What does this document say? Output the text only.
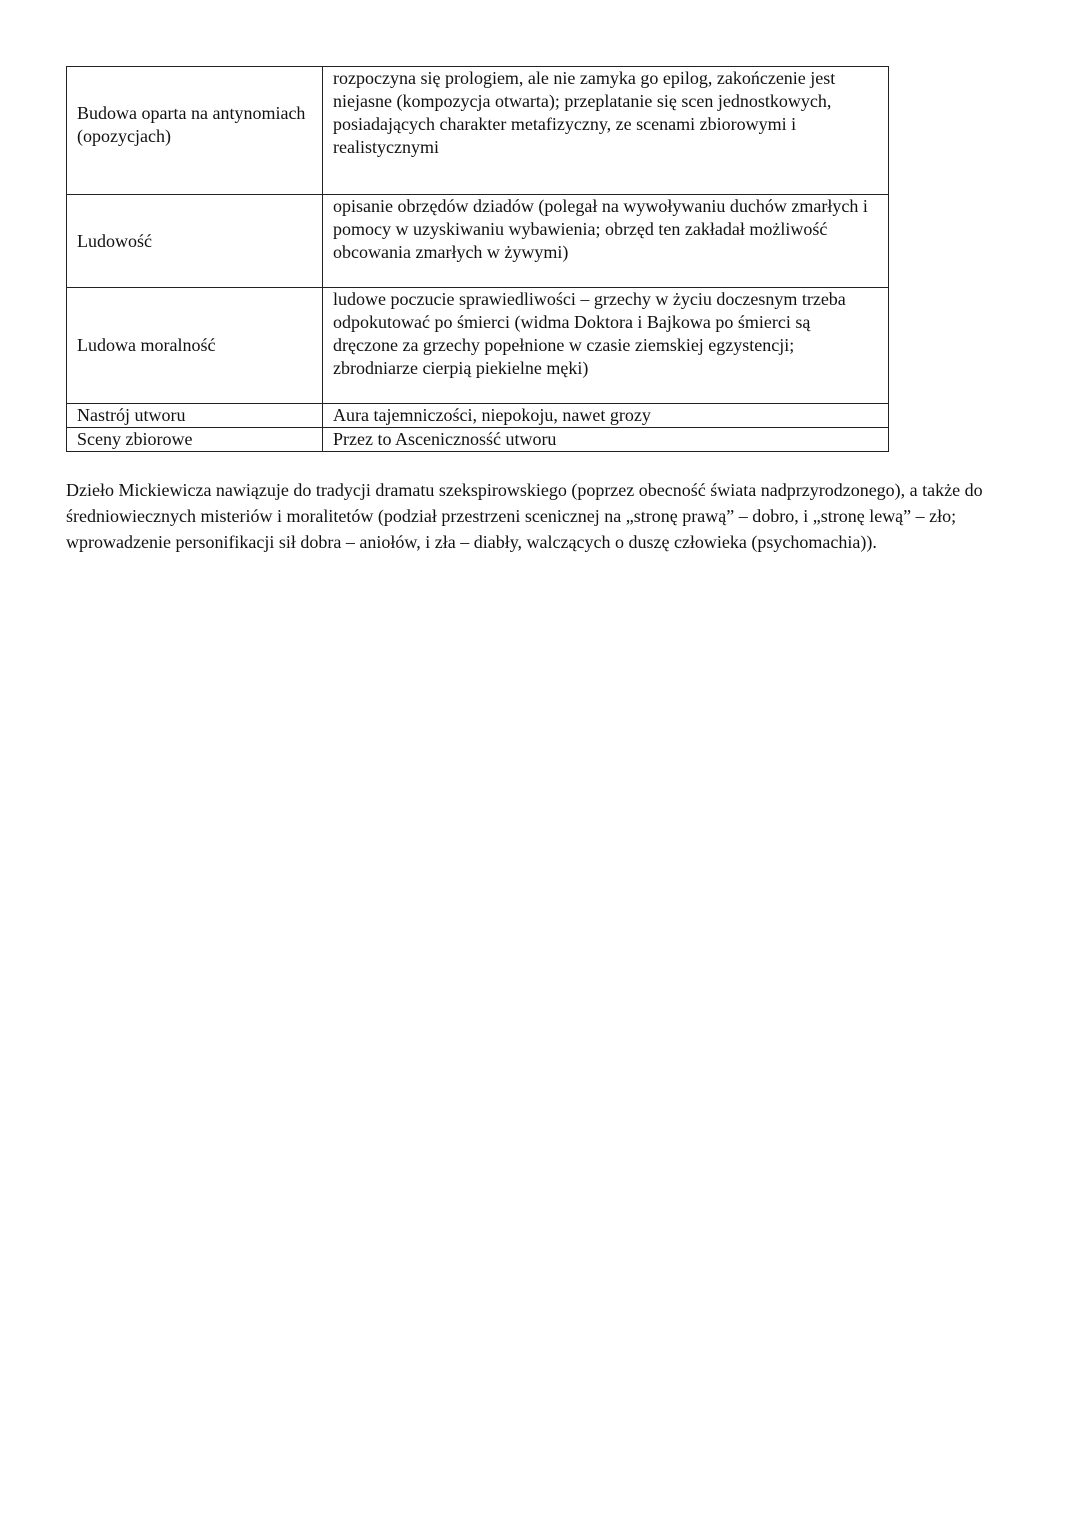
Budowa oparta na antynomiach (opozycjach)	rozpoczyna się prologiem, ale nie zamyka go epilog, zakończenie jest niejasne (kompozycja otwarta); przeplatanie się scen jednostkowych, posiadających charakter metafizyczny, ze scenami zbiorowymi i realistycznymi
Ludowość	opisanie obrzędów dziadów (polegał na wywoływaniu duchów zmarłych i pomocy w uzyskiwaniu wybawienia; obrzęd ten zakładał możliwość obcowania zmarłych w żywymi)
Ludowa moralność	ludowe poczucie sprawiedliwości – grzechy w życiu doczesnym trzeba odpokutować po śmierci (widma Doktora i Bajkowa po śmierci są dręczone za grzechy popełnione w czasie ziemskiej egzystencji; zbrodniarze cierpią piekielne męki)
Nastrój utworu	Aura tajemniczości, niepokoju, nawet grozy
Sceny zbiorowe	Przez to Ascenicznosść utworu

Dzieło Mickiewicza nawiązuje do tradycji dramatu szekspirowskiego (poprzez obecność świata nadprzyrodzonego), a także do średniowiecznych misteriów i moralitetów (podział przestrzeni scenicznej na „stronę prawą” – dobro, i „stronę lewą” – zło; wprowadzenie personifikacji sił dobra – aniołów, i zła – diabły, walczących o duszę człowieka (psychomachia)).
